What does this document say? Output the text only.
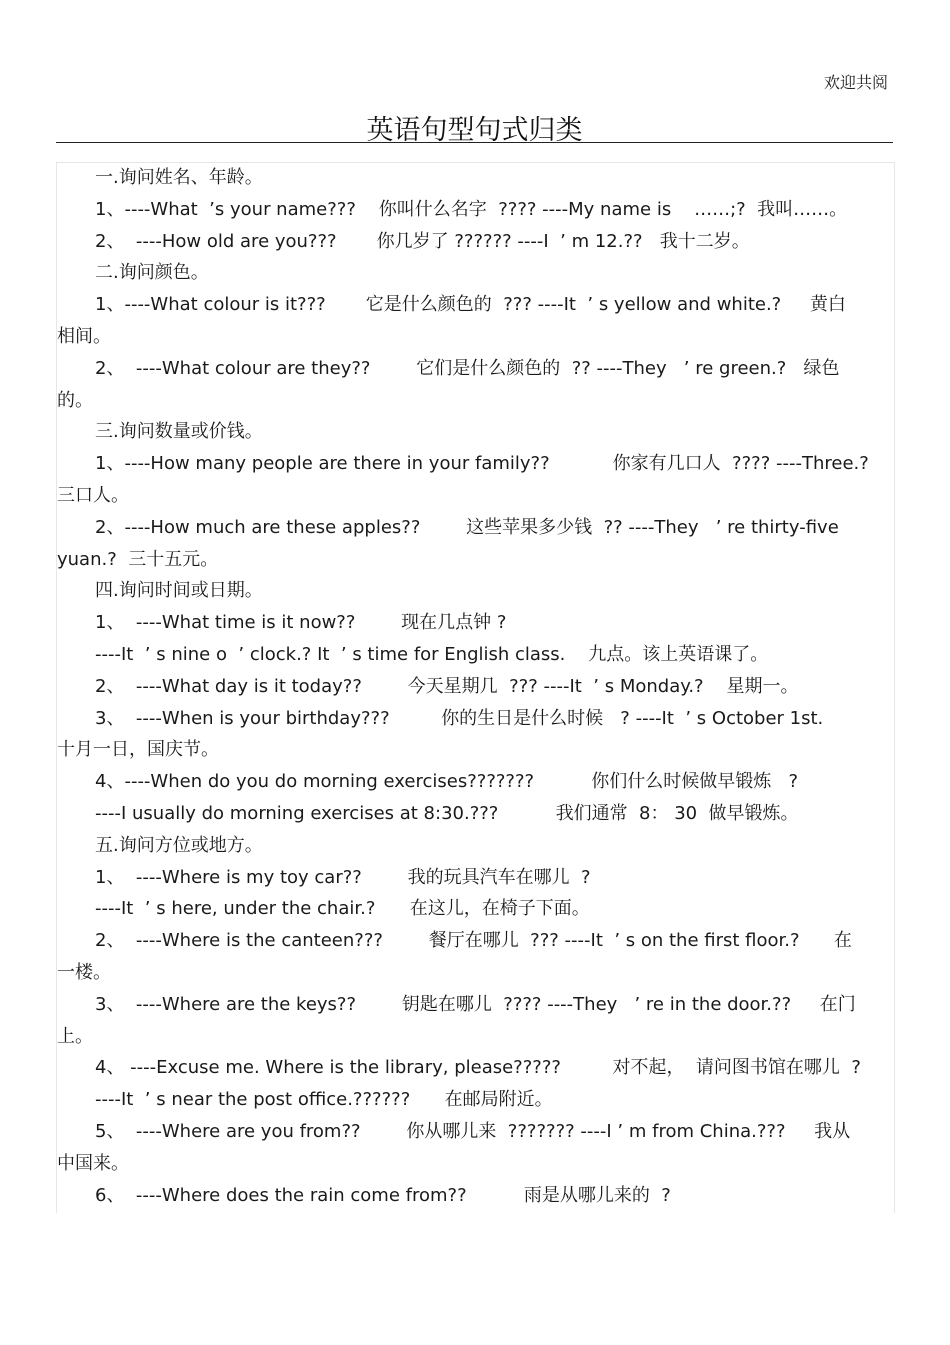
欢迎共阅
英语句型句式归类
一.询问姓名、年龄。
1、----What  ’s your name???    你叫什么名字  ???? ----My name is    ……;?  我叫……。
2、  ----How old are you???       你几岁了 ?????? ----I  ’ m 12.??   我十二岁。
二.询问颜色。
1、----What colour is it???       它是什么颜色的  ??? ----It  ’ s yellow and white.?     黄白
相间。
2、  ----What colour are they??        它们是什么颜色的  ?? ----They   ’ re green.?   绿色
的。
三.询问数量或价钱。
1、----How many people are there in your family??           你家有几口人  ???? ----Three.?
三口人。
2、----How much are these apples??        这些苹果多少钱  ?? ----They   ’ re thirty-five
yuan.?  三十五元。
四.询问时间或日期。
1、  ----What time is it now??        现在几点钟 ?
----It  ’ s nine o  ’ clock.? It  ’ s time for English class.    九点。该上英语课了。
2、  ----What day is it today??        今天星期几  ??? ----It  ’ s Monday.?    星期一。
3、  ----When is your birthday???         你的生日是什么时候   ? ----It  ’ s October 1st.
十月一日，国庆节。
4、----When do you do morning exercises???????          你们什么时候做早锻炼   ?
----I usually do morning exercises at 8:30.???          我们通常  8： 30  做早锻炼。
五.询问方位或地方。
1、  ----Where is my toy car??        我的玩具汽车在哪儿  ?
----It  ’ s here, under the chair.?      在这儿，在椅子下面。
2、  ----Where is the canteen???        餐厅在哪儿  ??? ----It  ’ s on the first floor.?      在
一楼。
3、  ----Where are the keys??        钥匙在哪儿  ???? ----They   ’ re in the door.??     在门
上。
4、 ----Excuse me. Where is the library, please?????         对不起，  请问图书馆在哪儿  ?
----It  ’ s near the post office.??????      在邮局附近。
5、  ----Where are you from??        你从哪儿来  ??????? ----I ’ m from China.???     我从
中国来。
6、  ----Where does the rain come from??          雨是从哪儿来的  ?
